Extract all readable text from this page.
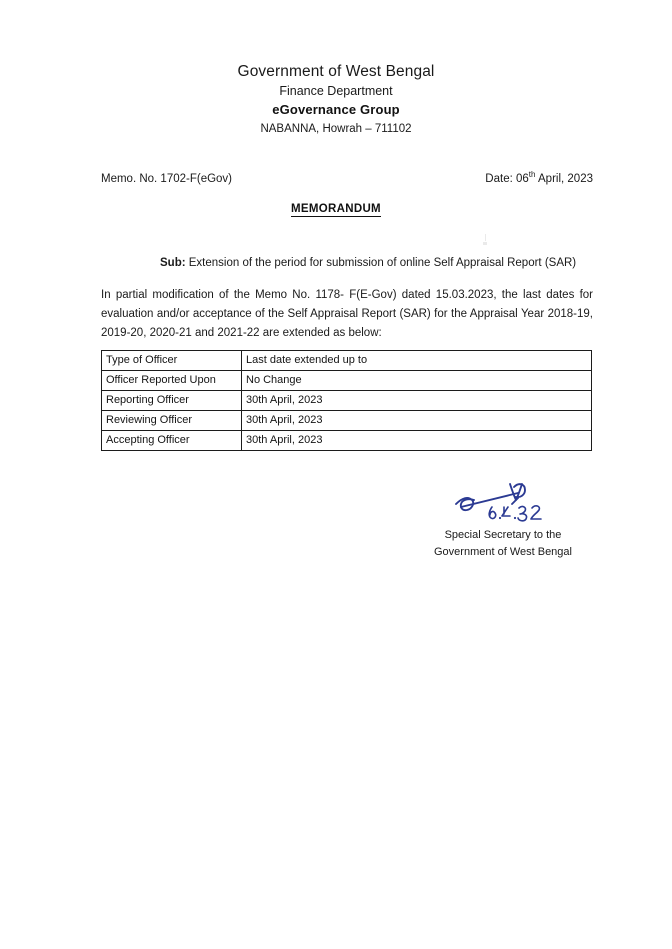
Government of West Bengal
Finance Department
eGovernance Group
NABANNA, Howrah – 711102
Memo. No. 1702-F(eGov)	Date: 06th April, 2023
MEMORANDUM
Sub: Extension of the period for submission of online Self Appraisal Report (SAR)
In partial modification of the Memo No. 1178- F(E-Gov) dated 15.03.2023, the last dates for evaluation and/or acceptance of the Self Appraisal Report (SAR) for the Appraisal Year 2018-19, 2019-20, 2020-21 and 2021-22 are extended as below:
Type of Officer	Last date extended up to
Officer Reported Upon	No Change
Reporting Officer	30th April, 2023
Reviewing Officer	30th April, 2023
Accepting Officer	30th April, 2023
Special Secretary to the
Government of West Bengal
